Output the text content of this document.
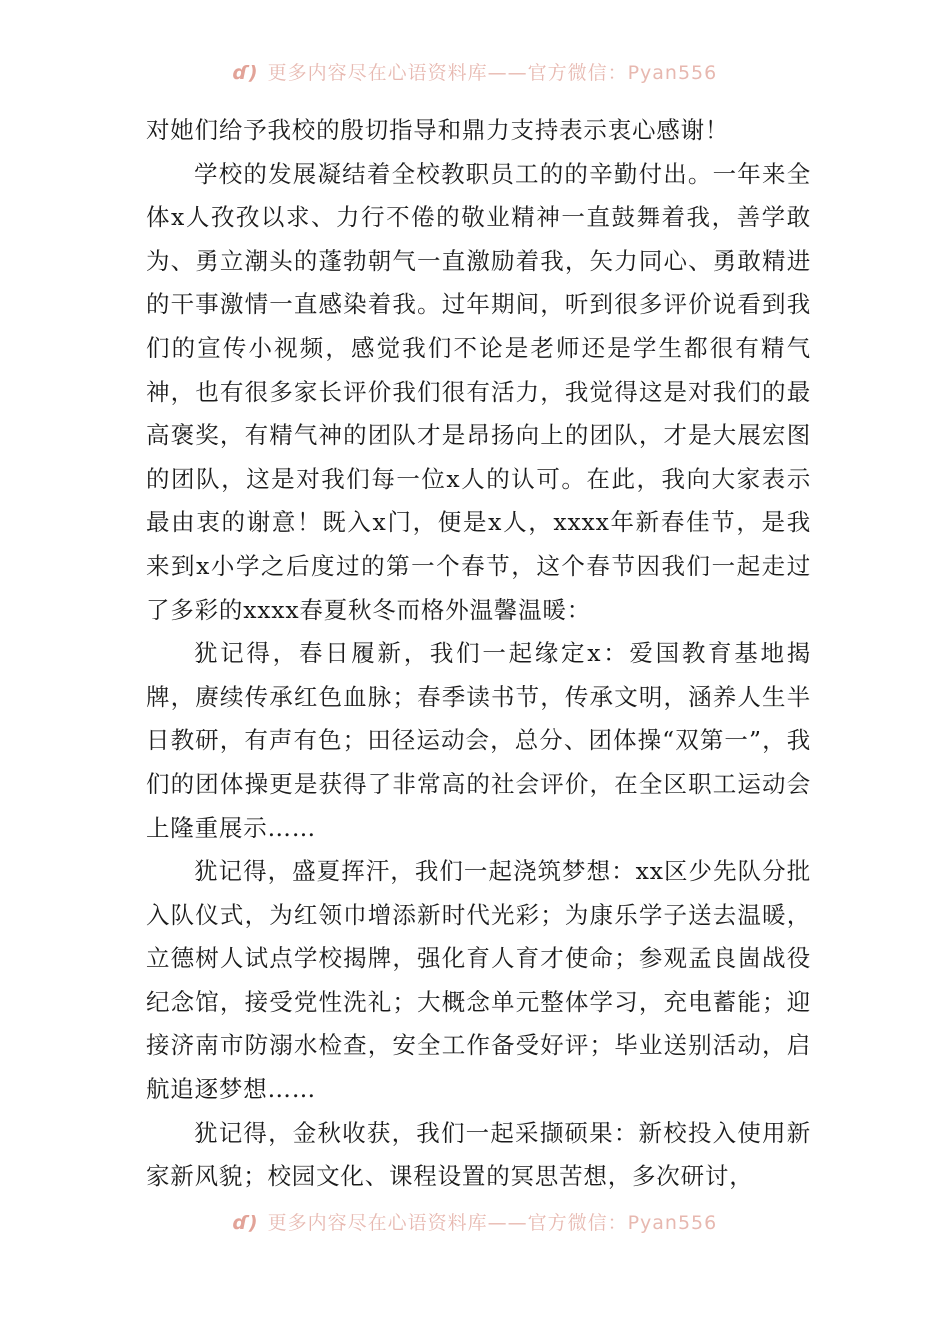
ɗ) 更多内容尽在心语资料库——官方微信：Pyan556

对她们给予我校的殷切指导和鼎力支持表示衷心感谢！

学校的发展凝结着全校教职员工的的辛勤付出。一年来全体x人孜孜以求、力行不倦的敬业精神一直鼓舞着我，善学敢为、勇立潮头的蓬勃朝气一直激励着我，矢力同心、勇敢精进的干事激情一直感染着我。过年期间，听到很多评价说看到我们的宣传小视频，感觉我们不论是老师还是学生都很有精气神，也有很多家长评价我们很有活力，我觉得这是对我们的最高褒奖，有精气神的团队才是昂扬向上的团队，才是大展宏图的团队，这是对我们每一位x人的认可。在此，我向大家表示最由衷的谢意！既入x门，便是x人，xxxx年新春佳节，是我来到x小学之后度过的第一个春节，这个春节因我们一起走过了多彩的xxxx春夏秋冬而格外温馨温暖：

犹记得，春日履新，我们一起缘定x：爱国教育基地揭牌，赓续传承红色血脉；春季读书节，传承文明，涵养人生半日教研，有声有色；田径运动会，总分、团体操“双第一”，我们的团体操更是获得了非常高的社会评价，在全区职工运动会上隆重展示……

犹记得，盛夏挥汗，我们一起浇筑梦想：xx区少先队分批入队仪式，为红领巾增添新时代光彩；为康乐学子送去温暖，立德树人试点学校揭牌，强化育人育才使命；参观孟良崮战役纪念馆，接受党性洗礼；大概念单元整体学习，充电蓄能；迎接济南市防溺水检查，安全工作备受好评；毕业送别活动，启航追逐梦想……

犹记得，金秋收获，我们一起采撷硕果：新校投入使用新家新风貌；校园文化、课程设置的冥思苦想，多次研讨，

ɗ) 更多内容尽在心语资料库——官方微信：Pyan556
